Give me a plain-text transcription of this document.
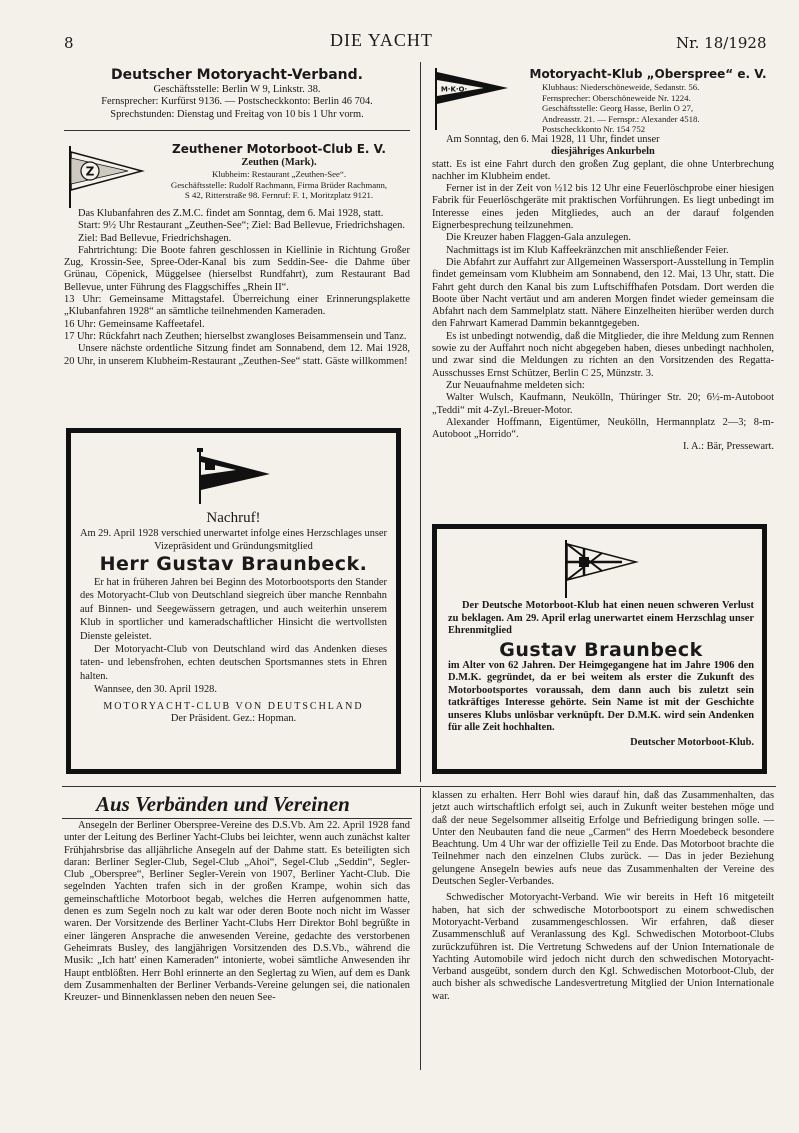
8	DIE YACHT	Nr. 18/1928
Deutscher Motoryacht-Verband.
Geschäftsstelle: Berlin W 9, Linkstr. 38.
Fernsprecher: Kurfürst 9136. — Postscheckkonto: Berlin 46 704.
Sprechstunden: Dienstag und Freitag von 10 bis 1 Uhr vorm.
Z
Zeuthener Motorboot-Club E. V.
Zeuthen (Mark).
Klubheim: Restaurant „Zeuthen-See“.
Geschäftsstelle: Rudolf Rachmann, Firma Brüder Rachmann,
S 42, Ritterstraße 98. Fernruf: F. 1, Moritzplatz 9121.

Das Klubanfahren des Z.M.C. findet am Sonntag, dem 6. Mai 1928, statt.

Start: 9½ Uhr Restaurant „Zeuthen-See“; Ziel: Bad Bellevue, Friedrichshagen.

Ziel: Bad Bellevue, Friedrichshagen.

Fahrtrichtung: Die Boote fahren geschlossen in Kiellinie in Richtung Großer Zug, Krossin-See, Spree-Oder-Kanal bis zum Seddin-See- die Dahme über Grünau, Cöpenick, Müggelsee (hierselbst Rundfahrt), zum Restaurant Bad Bellevue, unter Führung des Flaggschiffes „Rhein II“.

13 Uhr: Gemeinsame Mittagstafel. Überreichung einer Erinnerungsplakette „Klubanfahren 1928“ an sämtliche teilnehmenden Kameraden.

16 Uhr: Gemeinsame Kaffeetafel.

17 Uhr: Rückfahrt nach Zeuthen; hierselbst zwangloses Beisammensein und Tanz.

Unsere nächste ordentliche Sitzung findet am Sonnabend, dem 12. Mai 1928, 20 Uhr, in unserem Klubheim-Restaurant „Zeuthen-See“ statt. Gäste willkommen!

Nachruf!

Am 29. April 1928 verschied unerwartet infolge eines Herzschlages unser Vizepräsident und Gründungsmitglied

Herr Gustav Braunbeck.

Er hat in früheren Jahren bei Beginn des Motorbootsports den Stander des Motoryacht-Club von Deutschland siegreich über manche Rennbahn auf Binnen- und Seegewässern getragen, und auch weiterhin unserem Klub in sportlicher und kameradschaftlicher Hinsicht die wertvollsten Dienste geleistet.

Der Motoryacht-Club von Deutschland wird das Andenken dieses taten- und lebensfrohen, echten deutschen Sportsmannes stets in Ehren halten.

Wannsee, den 30. April 1928.

MOTORYACHT-CLUB VON DEUTSCHLAND
Der Präsident. Gez.: Hopman.
M·K·O·
Motoryacht-Klub „Oberspree“ e. V.
Klubhaus: Niederschöneweide, Sedanstr. 56.
Fernsprecher: Oberschöneweide Nr. 1224.
Geschäftsstelle: Georg Hasse, Berlin O 27,
Andreasstr. 21. — Fernspr.: Alexander 4518.
Postscheckkonto Nr. 154 752

Am Sonntag, den 6. Mai 1928, 11 Uhr, findet unser

diesjähriges Ankurbeln

statt. Es ist eine Fahrt durch den großen Zug geplant, die ohne Unterbrechung nachher im Klubheim endet.

Ferner ist in der Zeit von ½12 bis 12 Uhr eine Feuerlöschprobe einer hiesigen Fabrik für Feuerlöschgeräte mit praktischen Vorführungen. Es liegt unbedingt im Interesse eines jeden Mitgliedes, auch an der darauf folgenden Eignerbesprechung teilzunehmen.

Die Kreuzer haben Flaggen-Gala anzulegen.

Nachmittags ist im Klub Kaffeekränzchen mit anschließender Feier.

Die Abfahrt zur Auffahrt zur Allgemeinen Wassersport-Ausstellung in Templin findet gemeinsam vom Klubheim am Sonnabend, den 12. Mai, 13 Uhr, statt. Die Fahrt geht durch den Kanal bis zum Luftschiffhafen Potsdam. Dort werden die Boote über Nacht vertäut und am anderen Morgen findet wieder gemeinsam die Abfahrt nach dem Sammelplatz statt. Nähere Einzelheiten hierüber werden durch den Fahrwart Kamerad Dammin bekanntgegeben.

Es ist unbedingt notwendig, daß die Mitglieder, die ihre Meldung zum Rennen sowie zu der Auffahrt noch nicht abgegeben haben, dieses unbedingt nachholen, und zwar sind die Meldungen zu richten an den Vorsitzenden des Regatta-Ausschusses Ernst Schützer, Berlin C 25, Münzstr. 3.

Zur Neuaufnahme meldeten sich:

Walter Wulsch, Kaufmann, Neukölln, Thüringer Str. 20; 6½-m-Autoboot „Teddi“ mit 4-Zyl.-Breuer-Motor.

Alexander Hoffmann, Eigentümer, Neukölln, Hermannplatz 2—3; 8-m-Autoboot „Horrido“.

I. A.: Bär, Pressewart.

Der Deutsche Motorboot-Klub hat einen neuen schweren Verlust zu beklagen. Am 29. April erlag unerwartet einem Herzschlag unser Ehrenmitglied

Gustav Braunbeck

im Alter von 62 Jahren. Der Heimgegangene hat im Jahre 1906 den D.M.K. gegründet, da er bei weitem als erster die Zukunft des Motorbootsportes voraussah, dem dann auch bis zuletzt sein tatkräftiges Interesse gehörte. Sein Name ist mit der Geschichte unseres Klubs unlösbar verknüpft. Der D.M.K. wird sein Andenken für alle Zeit hochhalten.

Deutscher Motorboot-Klub.

Aus Verbänden und Vereinen

Ansegeln der Berliner Oberspree-Vereine des D.S.Vb. Am 22. April 1928 fand unter der Leitung des Berliner Yacht-Clubs bei leichter, wenn auch zunächst kalter Frühjahrsbrise das alljährliche Ansegeln auf der Dahme statt. Es beteiligten sich daran: Berliner Segler-Club, Segel-Club „Ahoi“, Segel-Club „Seddin“, Segler-Club „Oberspree“, Berliner Segler-Verein von 1907, Berliner Yacht-Club. Die segelnden Yachten trafen sich in der großen Krampe, wohin sich das gemeinschaftliche Motorboot begab, welches die Herren aufgenommen hatte, denen es zum Segeln noch zu kalt war oder deren Boote noch nicht im Wasser waren. Der Vorsitzende des Berliner Yacht-Clubs Herr Direktor Bohl begrüßte in einer längeren Ansprache die anwesenden Vereine, gedachte des verstorbenen Geheimrats Busley, des langjährigen Vorsitzenden des D.S.Vb., während die Musik: „Ich hatt' einen Kameraden“ intonierte, wobei sämtliche Anwesenden ihr Haupt entblößten. Herr Bohl erinnerte an den Seglertag zu Wien, auf dem es Dank dem Zusammenhalten der Berliner Verbands-Vereine gelungen sei, die nationalen Kreuzer- und Binnenklassen neben den neuen See-

klassen zu erhalten. Herr Bohl wies darauf hin, daß das Zusammenhalten, das jetzt auch wirtschaftlich erfolgt sei, auch in Zukunft weiter bestehen möge und daß der neue Segelsommer allseitig Erfolge und Befriedigung bringen solle. — Unter den Neubauten fand die neue „Carmen“ des Herrn Moedebeck besondere Beachtung. Um 4 Uhr war der offizielle Teil zu Ende. Das Motorboot brachte die Teilnehmer nach den einzelnen Clubs zurück. — Das in jeder Beziehung gelungene Ansegeln bewies aufs neue das Zusammenhalten der Vereine des Deutschen Segler-Verbandes.

Schwedischer Motoryacht-Verband. Wie wir bereits in Heft 16 mitgeteilt haben, hat sich der schwedische Motorbootsport zu einem schwedischen Motoryacht-Verband zusammengeschlossen. Wir erfahren, daß dieser Zusammenschluß auf Veranlassung des Kgl. Schwedischen Motorboot-Clubs zurückzuführen ist. Die Vertretung Schwedens auf der Union Internationale de Yachting Automobile wird jedoch nicht durch den schwedischen Motoryacht-Verband ausgeübt, sondern durch den Kgl. Schwedischen Motorboot-Club, der auch bisher als schwedische Landesvertretung Mitglied der Union Internationale war.
